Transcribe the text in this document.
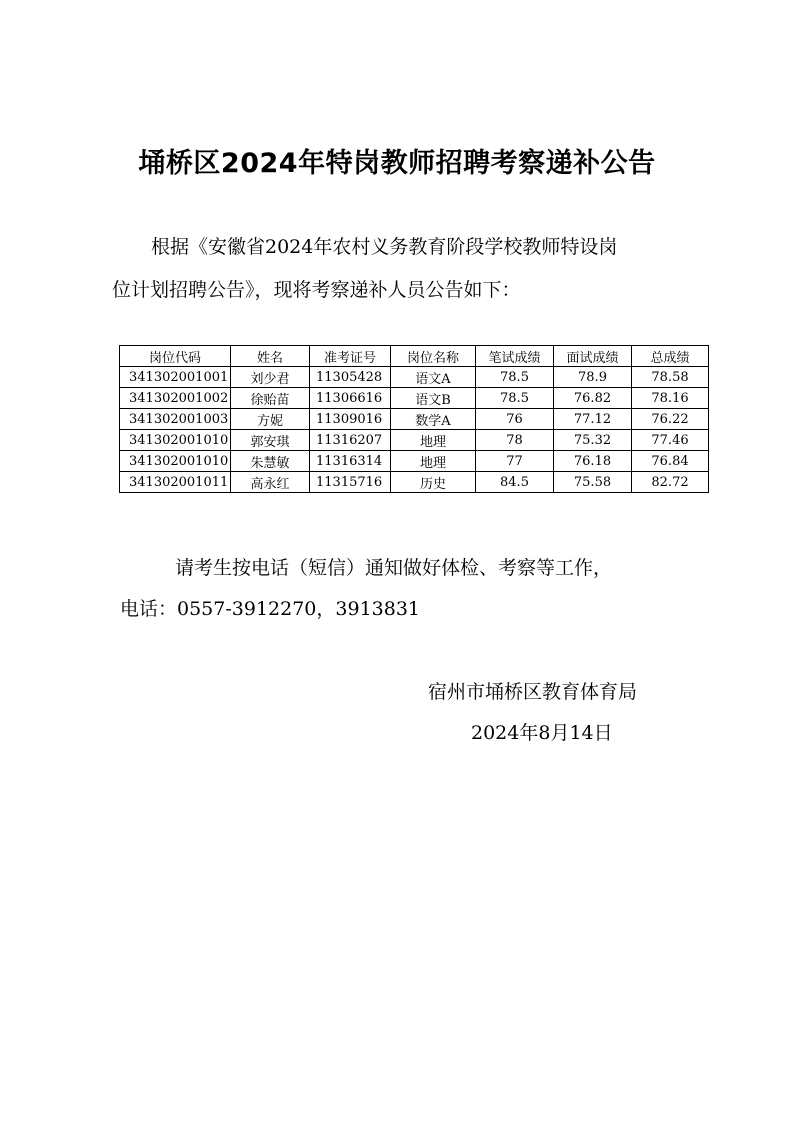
埇桥区2024年特岗教师招聘考察递补公告
根据《安徽省2024年农村义务教育阶段学校教师特设岗
位计划招聘公告》，现将考察递补人员公告如下：
岗位代码	姓名	准考证号	岗位名称	笔试成绩	面试成绩	总成绩
341302001001	刘少君	11305428	语文A	78.5	78.9	78.58
341302001002	徐贻苗	11306616	语文B	78.5	76.82	78.16
341302001003	方妮	11309016	数学A	76	77.12	76.22
341302001010	郭安琪	11316207	地理	78	75.32	77.46
341302001010	朱慧敏	11316314	地理	77	76.18	76.84
341302001011	高永红	11315716	历史	84.5	75.58	82.72
请考生按电话（短信）通知做好体检、考察等工作，
电话：0557-3912270，3913831
宿州市埇桥区教育体育局
2024年8月14日
